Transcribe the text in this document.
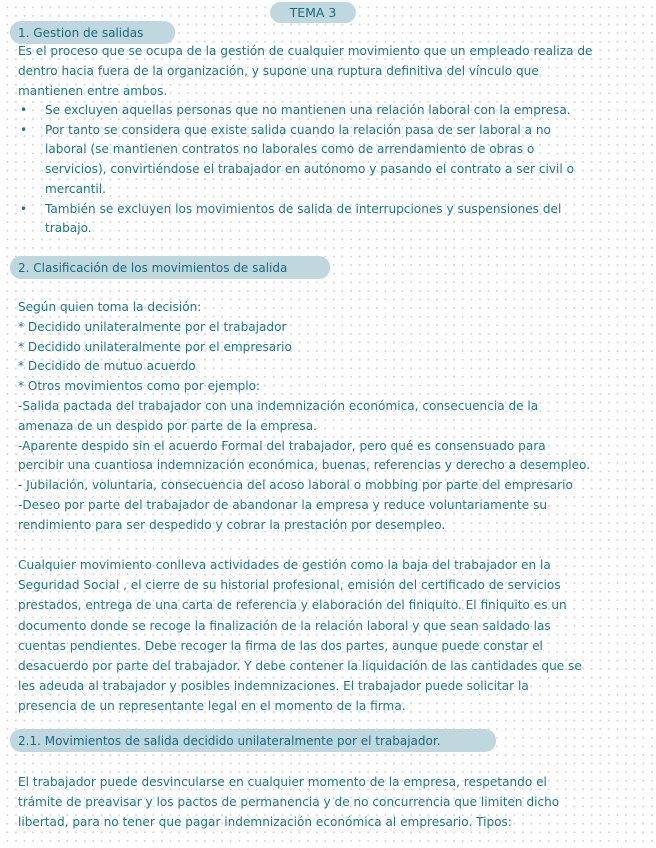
TEMA 3
1. Gestion de salidas

Es el proceso que se ocupa de la gestión de cualquier movimiento que un empleado realiza de

dentro hacia fuera de la organización, y supone una ruptura definitiva del vínculo que

mantienen entre ambos.

• Se excluyen aquellas personas que no mantienen una relación laboral con la empresa.
• Por tanto se considera que existe salida cuando la relación pasa de ser laboral a no
laboral (se mantienen contratos no laborales como de arrendamiento de obras o
servicios), convirtiéndose el trabajador en autónomo y pasando el contrato a ser civil o
mercantil.
• También se excluyen los movimientos de salida de interrupciones y suspensiones del
trabajo.
2. Clasificación de los movimientos de salida

Según quien toma la decisión:

* Decidido unilateralmente por el trabajador

* Decidido unilateralmente por el empresario

* Decidido de mutuo acuerdo

* Otros movimientos como por ejemplo:

-Salida pactada del trabajador con una indemnización económica, consecuencia de la

amenaza de un despido por parte de la empresa.

-Aparente despido sin el acuerdo Formal del trabajador, pero qué es consensuado para

percibir una cuantiosa indemnización económica, buenas, referencias y derecho a desempleo.

- Jubilación, voluntaria, consecuencia del acoso laboral o mobbing por parte del empresario

-Deseo por parte del trabajador de abandonar la empresa y reduce voluntariamente su

rendimiento para ser despedido y cobrar la prestación por desempleo.

Cualquier movimiento conlleva actividades de gestión como la baja del trabajador en la

Seguridad Social , el cierre de su historial profesional, emisión del certificado de servicios

prestados, entrega de una carta de referencia y elaboración del finiquito. El finiquito es un

documento donde se recoge la finalización de la relación laboral y que sean saldado las

cuentas pendientes. Debe recoger la firma de las dos partes, aunque puede constar el

desacuerdo por parte del trabajador. Y debe contener la liquidación de las cantidades que se

les adeuda al trabajador y posibles indemnizaciones. El trabajador puede solicitar la

presencia de un representante legal en el momento de la firma.

2.1. Movimientos de salida decidido unilateralmente por el trabajador.

El trabajador puede desvincularse en cualquier momento de la empresa, respetando el

trámite de preavisar y los pactos de permanencia y de no concurrencia que limiten dicho

libertad, para no tener que pagar indemnización económica al empresario. Tipos:
